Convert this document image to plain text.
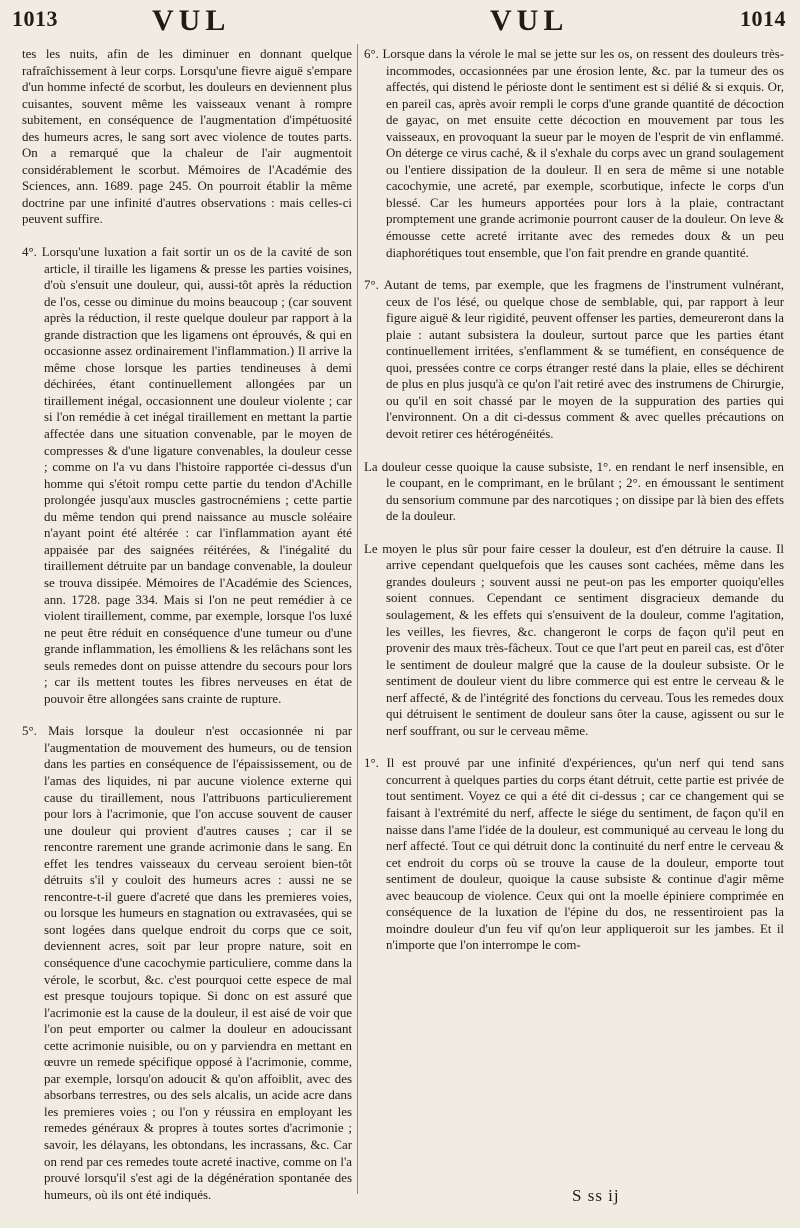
1013	VUL	VUL	1014

tes les nuits, afin de les diminuer en donnant quelque rafraîchissement à leur corps. Lorsqu'une fievre aiguë s'empare d'un homme infecté de scorbut, les douleurs en deviennent plus cuisantes, souvent même les vaisseaux venant à rompre subitement, en conséquence de l'augmentation d'impétuosité des humeurs acres, le sang sort avec violence de toutes parts. On a remarqué que la chaleur de l'air augmentoit considérablement le scorbut. Mémoires de l'Académie des Sciences, ann. 1689. page 245. On pourroit établir la même doctrine par une infinité d'autres observations : mais celles-ci peuvent suffire.

4°. Lorsqu'une luxation a fait sortir un os de la cavité de son article, il tiraille les ligamens & presse les parties voisines, d'où s'ensuit une douleur, qui, aussi-tôt après la réduction de l'os, cesse ou diminue du moins beaucoup ; (car souvent après la réduction, il reste quelque douleur par rapport à la grande distraction que les ligamens ont éprouvés, & qui en occasionne assez ordinairement l'inflammation.) Il arrive la même chose lorsque les parties tendineuses à demi déchirées, étant continuellement allongées par un tiraillement inégal, occasionnent une douleur violente ; car si l'on remédie à cet inégal tiraillement en mettant la partie affectée dans une situation convenable, par le moyen de compresses & d'une ligature convenables, la douleur cesse ; comme on l'a vu dans l'histoire rapportée ci-dessus d'un homme qui s'étoit rompu cette partie du tendon d'Achille prolongée jusqu'aux muscles gastrocnémiens ; cette partie du même tendon qui prend naissance au muscle soléaire n'ayant point été altérée : car l'inflammation ayant été appaisée par des saignées réitérées, & l'inégalité du tiraillement détruite par un bandage convenable, la douleur se trouva dissipée. Mémoires de l'Académie des Sciences, ann. 1728. page 334. Mais si l'on ne peut remédier à ce violent tiraillement, comme, par exemple, lorsque l'os luxé ne peut être réduit en conséquence d'une tumeur ou d'une grande inflammation, les émolliens & les relâchans sont les seuls remedes dont on puisse attendre du secours pour lors ; car ils mettent toutes les fibres nerveuses en état de pouvoir être allongées sans crainte de rupture.

5°. Mais lorsque la douleur n'est occasionnée ni par l'augmentation de mouvement des humeurs, ou de tension dans les parties en conséquence de l'épaississement, ou de l'amas des liquides, ni par aucune violence externe qui cause du tiraillement, nous l'attribuons particulierement pour lors à l'acrimonie, que l'on accuse souvent de causer une douleur qui provient d'autres causes ; car il se rencontre rarement une grande acrimonie dans le sang. En effet les tendres vaisseaux du cerveau seroient bien-tôt détruits s'il y couloit des humeurs acres : aussi ne se rencontre-t-il guere d'acreté que dans les premieres voies, ou lorsque les humeurs en stagnation ou extravasées, qui se sont logées dans quelque endroit du corps que ce soit, deviennent acres, soit par leur propre nature, soit en conséquence d'une cacochymie particuliere, comme dans la vérole, le scorbut, &c. c'est pourquoi cette espece de mal est presque toujours topique. Si donc on est assuré que l'acrimonie est la cause de la douleur, il est aisé de voir que l'on peut emporter ou calmer la douleur en adoucissant cette acrimonie nuisible, ou on y parviendra en mettant en œuvre un remede spécifique opposé à l'acrimonie, comme, par exemple, lorsqu'on adoucit & qu'on affoiblit, avec des absorbans terrestres, ou des sels alcalis, un acide acre dans les premieres voies ; ou l'on y réussira en employant les remedes généraux & propres à toutes sortes d'acrimonie ; savoir, les délayans, les obtondans, les incrassans, &c. Car on rend par ces remedes toute acreté inactive, comme on l'a prouvé lorsqu'il s'est agi de la dégénération spontanée des humeurs, où ils ont été indiqués.

6°. Lorsque dans la vérole le mal se jette sur les os, on ressent des douleurs très-incommodes, occasionnées par une érosion lente, &c. par la tumeur des os affectés, qui distend le périoste dont le sentiment est si délié & si exquis. Or, en pareil cas, après avoir rempli le corps d'une grande quantité de décoction de gayac, on met ensuite cette décoction en mouvement par tous les vaisseaux, en provoquant la sueur par le moyen de l'esprit de vin enflammé. On déterge ce virus caché, & il s'exhale du corps avec un grand soulagement ou l'entiere dissipation de la douleur. Il en sera de même si une notable cacochymie, une acreté, par exemple, scorbutique, infecte le corps d'un blessé. Car les humeurs apportées pour lors à la plaie, contractant promptement une grande acrimonie pourront causer de la douleur. On leve & émousse cette acreté irritante avec des remedes doux & un peu diaphorétiques tout ensemble, que l'on fait prendre en grande quantité.

7°. Autant de tems, par exemple, que les fragmens de l'instrument vulnérant, ceux de l'os lésé, ou quelque chose de semblable, qui, par rapport à leur figure aiguë & leur rigidité, peuvent offenser les parties, demeureront dans la plaie : autant subsistera la douleur, surtout parce que les parties étant continuellement irritées, s'enflamment & se tuméfient, en conséquence de quoi, pressées contre ce corps étranger resté dans la plaie, elles se déchirent de plus en plus jusqu'à ce qu'on l'ait retiré avec des instrumens de Chirurgie, ou qu'il en soit chassé par le moyen de la suppuration des parties qui l'environnent. On a dit ci-dessus comment & avec quelles précautions on devoit retirer ces hétérogénéités.

La douleur cesse quoique la cause subsiste, 1°. en rendant le nerf insensible, en le coupant, en le comprimant, en le brûlant ; 2°. en émoussant le sentiment du sensorium commune par des narcotiques ; on dissipe par là bien des effets de la douleur.

Le moyen le plus sûr pour faire cesser la douleur, est d'en détruire la cause. Il arrive cependant quelquefois que les causes sont cachées, même dans les grandes douleurs ; souvent aussi ne peut-on pas les emporter quoiqu'elles soient connues. Cependant ce sentiment disgracieux demande du soulagement, & les effets qui s'ensuivent de la douleur, comme l'agitation, les veilles, les fievres, &c. changeront le corps de façon qu'il peut en provenir des maux très-fâcheux. Tout ce que l'art peut en pareil cas, est d'ôter le sentiment de douleur malgré que la cause de la douleur subsiste. Or le sentiment de douleur vient du libre commerce qui est entre le cerveau & le nerf affecté, & de l'intégrité des fonctions du cerveau. Tous les remedes doux qui détruisent le sentiment de douleur sans ôter la cause, agissent ou sur le nerf souffrant, ou sur le cerveau même.

1°. Il est prouvé par une infinité d'expériences, qu'un nerf qui tend sans concurrent à quelques parties du corps étant détruit, cette partie est privée de tout sentiment. Voyez ce qui a été dit ci-dessus ; car ce changement qui se faisant à l'extrémité du nerf, affecte le siége du sentiment, de façon qu'il en naisse dans l'ame l'idée de la douleur, est communiqué au cerveau le long du nerf affecté. Tout ce qui détruit donc la continuité du nerf entre le cerveau & cet endroit du corps où se trouve la cause de la douleur, emporte tout sentiment de douleur, quoique la cause subsiste & continue d'agir même avec beaucoup de violence. Ceux qui ont la moelle épiniere comprimée en conséquence de la luxation de l'épine du dos, ne ressentiroient pas la moindre douleur d'un feu vif qu'on leur appliqueroit sur les jambes. Et il n'importe que l'on interrompe le com-

S ss ij
